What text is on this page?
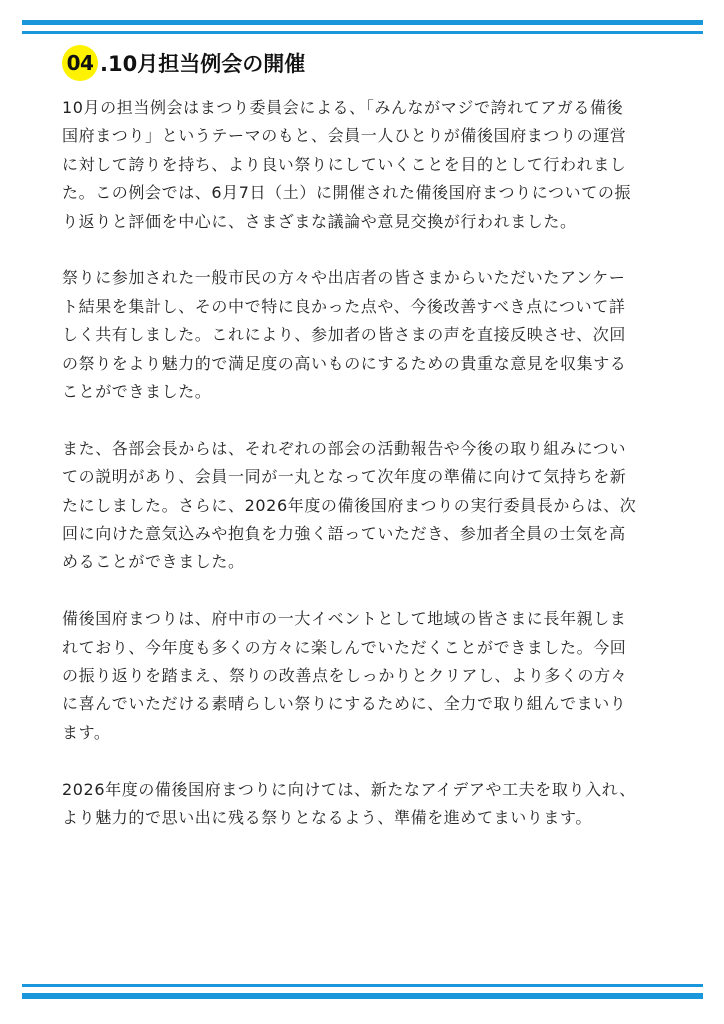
04 .10月担当例会の開催

10月の担当例会はまつり委員会による、「みんながマジで誇れてアガる備後
国府まつり」というテーマのもと、会員一人ひとりが備後国府まつりの運営
に対して誇りを持ち、より良い祭りにしていくことを目的として行われまし
た。この例会では、6月7日（土）に開催された備後国府まつりについての振
り返りと評価を中心に、さまざまな議論や意見交換が行われました。

祭りに参加された一般市民の方々や出店者の皆さまからいただいたアンケー
ト結果を集計し、その中で特に良かった点や、今後改善すべき点について詳
しく共有しました。これにより、参加者の皆さまの声を直接反映させ、次回
の祭りをより魅力的で満足度の高いものにするための貴重な意見を収集する
ことができました。

また、各部会長からは、それぞれの部会の活動報告や今後の取り組みについ
ての説明があり、会員一同が一丸となって次年度の準備に向けて気持ちを新
たにしました。さらに、2026年度の備後国府まつりの実行委員長からは、次
回に向けた意気込みや抱負を力強く語っていただき、参加者全員の士気を高
めることができました。

備後国府まつりは、府中市の一大イベントとして地域の皆さまに長年親しま
れており、今年度も多くの方々に楽しんでいただくことができました。今回
の振り返りを踏まえ、祭りの改善点をしっかりとクリアし、より多くの方々
に喜んでいただける素晴らしい祭りにするために、全力で取り組んでまいり
ます。

2026年度の備後国府まつりに向けては、新たなアイデアや工夫を取り入れ、
より魅力的で思い出に残る祭りとなるよう、準備を進めてまいります。
